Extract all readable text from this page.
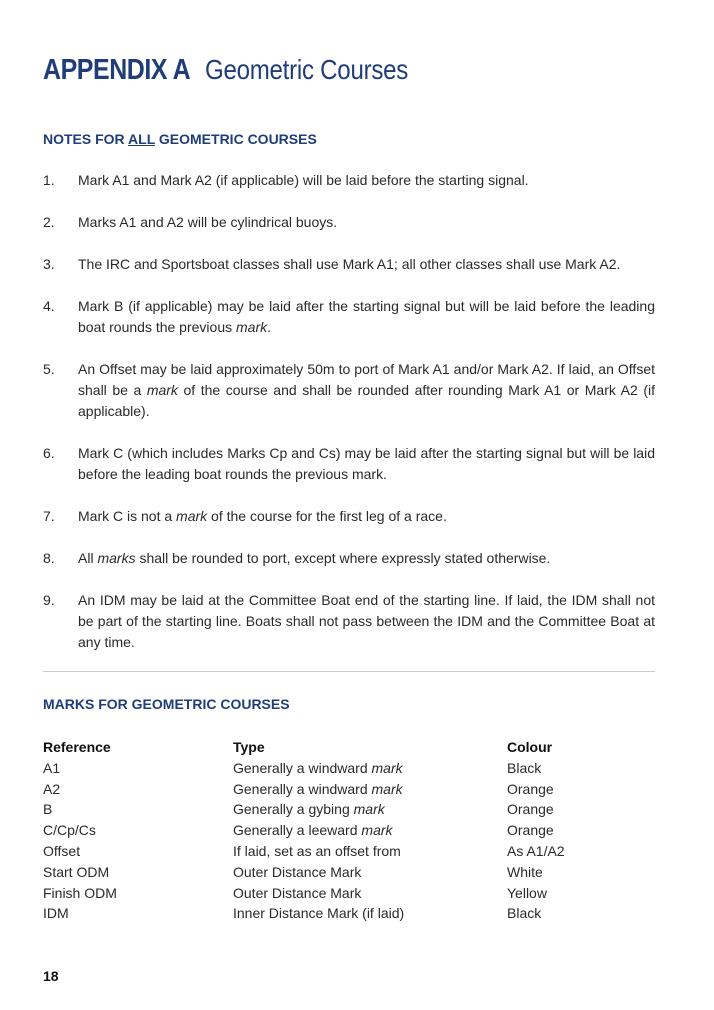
APPENDIX A Geometric Courses
NOTES FOR ALL GEOMETRIC COURSES
1. Mark A1 and Mark A2 (if applicable) will be laid before the starting signal.
2. Marks A1 and A2 will be cylindrical buoys.
3. The IRC and Sportsboat classes shall use Mark A1; all other classes shall use Mark A2.
4. Mark B (if applicable) may be laid after the starting signal but will be laid before the leading boat rounds the previous mark.
5. An Offset may be laid approximately 50m to port of Mark A1 and/or Mark A2. If laid, an Offset shall be a mark of the course and shall be rounded after rounding Mark A1 or Mark A2 (if applicable).
6. Mark C (which includes Marks Cp and Cs) may be laid after the starting signal but will be laid before the leading boat rounds the previous mark.
7. Mark C is not a mark of the course for the first leg of a race.
8. All marks shall be rounded to port, except where expressly stated otherwise.
9. An IDM may be laid at the Committee Boat end of the starting line. If laid, the IDM shall not be part of the starting line. Boats shall not pass between the IDM and the Committee Boat at any time.
MARKS FOR GEOMETRIC COURSES
Reference	Type	Colour
A1	Generally a windward mark	Black
A2	Generally a windward mark	Orange
B	Generally a gybing mark	Orange
C/Cp/Cs	Generally a leeward mark	Orange
Offset	If laid, set as an offset from	As A1/A2
Start ODM	Outer Distance Mark	White
Finish ODM	Outer Distance Mark	Yellow
IDM	Inner Distance Mark (if laid)	Black
18
